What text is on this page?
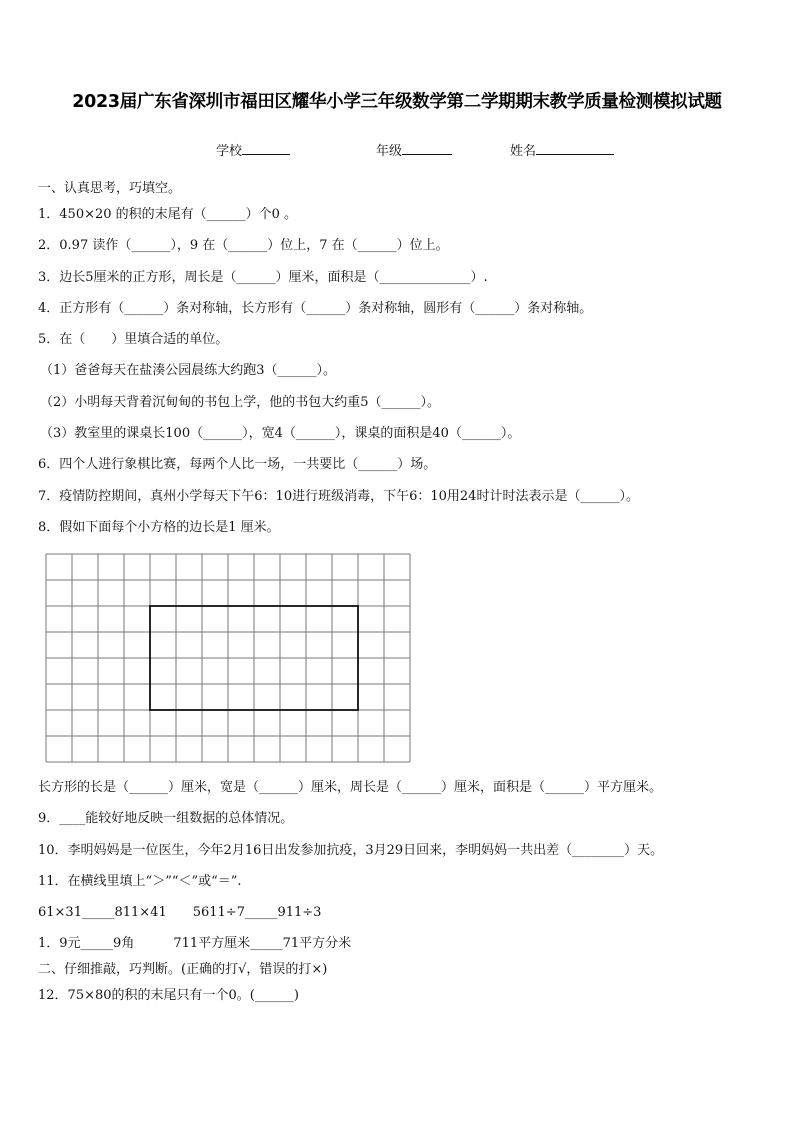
2023届广东省深圳市福田区耀华小学三年级数学第二学期期末教学质量检测模拟试题
学校	年级	姓名
一、认真思考，巧填空。
1．450×20 的积的末尾有（______）个0 。
2．0.97 读作（______），9 在（______）位上，7 在（______）位上。
3．边长5厘米的正方形，周长是（______）厘米，面积是（______________）.
4．正方形有（______）条对称轴，长方形有（______）条对称轴，圆形有（______）条对称轴。
5．在（　　）里填合适的单位。
（1）爸爸每天在盐湊公园晨练大约跑3（______）。
（2）小明每天背着沉甸甸的书包上学，他的书包大约重5（______）。
（3）教室里的课桌长100（______），宽4（______），课桌的面积是40（______）。
6．四个人进行象棋比赛，每两个人比一场，一共要比（______）场。
7．疫情防控期间，真州小学每天下午6：10进行班级消毒，下午6：10用24时计时法表示是（______）。
8．假如下面每个小方格的边长是1 厘米。
长方形的长是（______）厘米，宽是（______）厘米，周长是（______）厘米，面积是（______）平方厘米。
9．____能较好地反映一组数据的总体情况。
10．李明妈妈是一位医生，今年2月16日出发参加抗疫，3月29日回来，李明妈妈一共出差（________）天。
11．在横线里填上“＞”“＜”或“＝”.
61×31_____811×41　　5611÷7_____911÷3
1．9元_____9角　　　711平方厘米_____71平方分米
二、仔细推敲，巧判断。(正确的打√，错误的打×)
12．75×80的积的末尾只有一个0。(______)
